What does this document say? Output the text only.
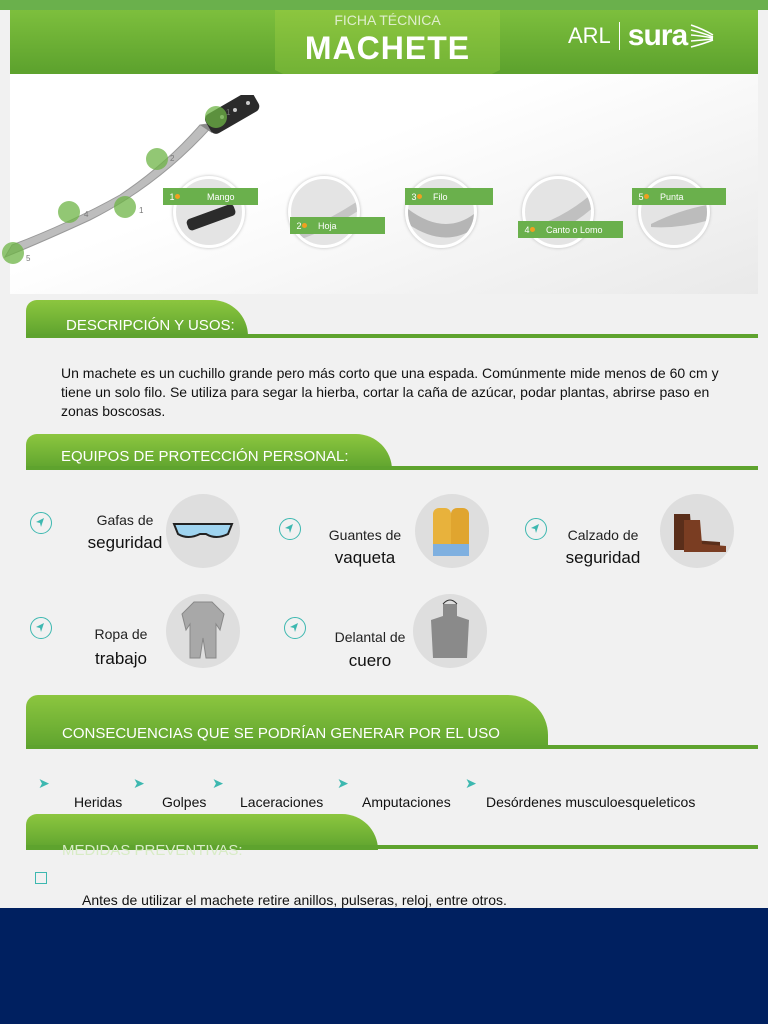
FICHA TÉCNICA
MACHETE	ARL sura
1
2
4	1
5
1	Mango
2	Hoja
3	Filo
4	Canto o Lomo
5	Punta
DESCRIPCIÓN Y USOS:
Un machete es un cuchillo grande pero más corto que una espada. Comúnmente mide menos de 60 cm y tiene un solo filo. Se utiliza para segar la hierba, cortar la caña de azúcar, podar plantas, abrirse paso en zonas boscosas.
EQUIPOS DE PROTECCIÓN PERSONAL:
Gafas de
seguridad	Guantes de
vaqueta
Calzado de
seguridad
Ropa de
trabajo
Delantal de
cuero
CONSECUENCIAS QUE SE PODRÍAN GENERAR POR EL USO
➤	➤	➤	➤	➤
Heridas	Golpes Laceraciones	Amputaciones	Desórdenes musculoesqueleticos
MEDIDAS PREVENTIVAS:
Antes de utilizar el machete retire anillos, pulseras, reloj, entre otros.
